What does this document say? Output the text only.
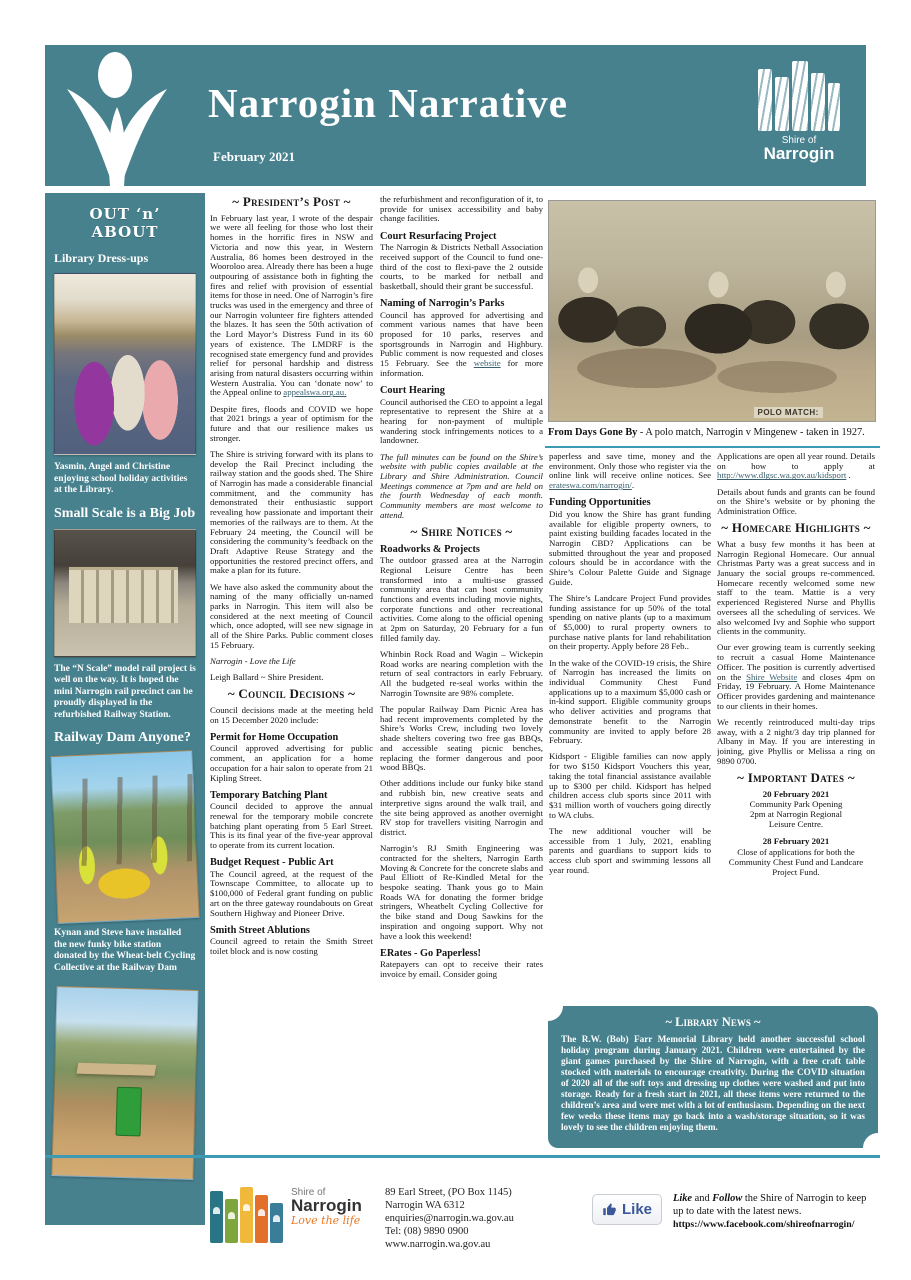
Narrogin Narrative
February 2021
Shire of
Narrogin
OUT ‘n’ ABOUT
Library Dress-ups
Yasmin, Angel and Christine enjoying school holiday activities at the Library.
Small Scale is a Big Job
The “N Scale” model rail project is well on the way. It is hoped the mini Narrogin rail precinct can be proudly displayed in the refurbished Railway Station.
Railway Dam Anyone?
Kynan and Steve have installed the new funky bike station donated by the Wheat-belt Cycling Collective at the Railway Dam
~ President’s Post ~

In February last year, I wrote of the despair we were all feeling for those who lost their homes in the horrific fires in NSW and Victoria and now this year, in Western Australia, 86 homes been destroyed in the Wooroloo area. Already there has been a huge outpouring of assistance both in fighting the fires and relief with provision of essential items for those in need. One of Narrogin’s fire trucks was used in the emergency and three of our Narrogin volunteer fire fighters attended the blazes. It has seen the 50th activation of the Lord Mayor’s Distress Fund in its 60 years of existence. The LMDRF is the recognised state emergency fund and provides relief for personal hardship and distress arising from natural disasters occurring within Western Australia. You can ‘donate now’ to the Appeal online to appealswa.org.au.

Despite fires, floods and COVID we hope that 2021 brings a year of optimism for the future and that our resilience makes us stronger.

The Shire is striving forward with its plans to develop the Rail Precinct including the railway station and the goods shed. The Shire of Narrogin has made a considerable financial commitment, and the community has demonstrated their enthusiastic support revealing how passionate and important their memories of the railways are to them. At the February 24 meeting, the Council will be considering the community’s feedback on the Draft Adaptive Reuse Strategy and the opportunities the restored precinct offers, and make a plan for its future.

We have also asked the community about the naming of the many officially un-named parks in Narrogin. This item will also be considered at the next meeting of Council which, once adopted, will see new signage in all of the Shire Parks. Public comment closes 15 February.

Narrogin - Love the Life

Leigh Ballard ~ Shire President.

~ Council Decisions ~

Council decisions made at the meeting held on 15 December 2020 include:

Permit for Home Occupation

Council approved advertising for public comment, an application for a home occupation for a hair salon to operate from 21 Kipling Street.

Temporary Batching Plant

Council decided to approve the annual renewal for the temporary mobile concrete batching plant operating from 5 Earl Street. This is its final year of the five-year approval to operate from its current location.

Budget Request - Public Art

The Council agreed, at the request of the Townscape Committee, to allocate up to $100,000 of Federal grant funding on public art on the three gateway roundabouts on Great Southern Highway and Pioneer Drive.

Smith Street Ablutions

Council agreed to retain the Smith Street toilet block and is now costing

the refurbishment and reconfiguration of it, to provide for unisex accessibility and baby change facilities.

Court Resurfacing Project

The Narrogin & Districts Netball Association received support of the Council to fund one-third of the cost to flexi-pave the 2 outside courts, to be marked for netball and basketball, should their grant be successful.

Naming of Narrogin’s Parks

Council has approved for advertising and comment various names that have been proposed for 10 parks, reserves and sportsgrounds in Narrogin and Highbury. Public comment is now requested and closes 15 February. See the website for more information.

Court Hearing

Council authorised the CEO to appoint a legal representative to represent the Shire at a hearing for non-payment of multiple wandering stock infringements notices to a landowner.

The full minutes can be found on the Shire’s website with public copies available at the Library and Shire Administration. Council Meetings commence at 7pm and are held on the fourth Wednesday of each month. Community members are most welcome to attend.

~ Shire Notices ~
Roadworks & Projects

The outdoor grassed area at the Narrogin Regional Leisure Centre has been transformed into a multi-use grassed community area that can host community functions and events including movie nights, corporate functions and other recreational activities. Come along to the official opening at 2pm on Saturday, 20 February for a fun filled family day.

Whinbin Rock Road and Wagin – Wickepin Road works are nearing completion with the return of seal contractors in early February. All the budgeted re-seal works within the Narrogin Townsite are 98% complete.

The popular Railway Dam Picnic Area has had recent improvements completed by the Shire’s Works Crew, including two lovely shade shelters covering two free gas BBQs, and accessible seating picnic benches, replacing the former dangerous and poor wood BBQs.

Other additions include our funky bike stand and rubbish bin, new creative seats and interpretive signs around the walk trail, and the site being approved as another overnight RV stop for travellers visiting Narrogin and district.

Narrogin’s RJ Smith Engineering was contracted for the shelters, Narrogin Earth Moving & Concrete for the concrete slabs and Paul Elliott of Re-Kindled Metal for the bespoke seating. Thank yous go to Main Roads WA for donating the former bridge stringers, Wheatbelt Cycling Collective for the bike stand and Doug Sawkins for the inspiration and ongoing support. Why not have a look this weekend!

ERates - Go Paperless!

Ratepayers can opt to receive their rates invoice by email. Consider going

POLO MATCH:
From Days Gone By - A polo match, Narrogin v Mingenew - taken in 1927.

paperless and save time, money and the environment. Only those who register via the online link will receive online notices. See erateswa.com/narrogin/.

Funding Opportunities

Did you know the Shire has grant funding available for eligible property owners, to paint existing building facades located in the Narrogin CBD? Applications can be submitted throughout the year and proposed colours should be in accordance with the Shire’s Colour Palette Guide and Signage Guide.

The Shire’s Landcare Project Fund provides funding assistance for up 50% of the total spending on native plants (up to a maximum of $5,000) to rural property owners to purchase native plants for land rehabilitation on their property. Apply before 28 Feb..

In the wake of the COVID-19 crisis, the Shire of Narrogin has increased the limits on individual Community Chest Fund applications up to a maximum $5,000 cash or in-kind support. Eligible community groups who deliver activities and programs that demonstrate benefit to the Narrogin community are invited to apply before 28 February.

Kidsport - Eligible families can now apply for two $150 Kidsport Vouchers this year, taking the total financial assistance available up to $300 per child. Kidsport has helped children access club sports since 2011 with $31 million worth of vouchers going directly to WA clubs.

The new additional voucher will be accessible from 1 July, 2021, enabling parents and guardians to support kids to access club sport and swimming lessons all year round.

Applications are open all year round. Details on how to apply at http://www.dlgsc.wa.gov.au/kidsport .

Details about funds and grants can be found on the Shire’s website or by phoning the Administration Office.

~ Homecare Highlights ~

What a busy few months it has been at Narrogin Regional Homecare. Our annual Christmas Party was a great success and in January the social groups re-commenced. Homecare recently welcomed some new staff to the team. Mattie is a very experienced Registered Nurse and Phyllis oversees all the scheduling of services. We also welcomed Ivy and Sophie who support clients in the community.

Our ever growing team is currently seeking to recruit a casual Home Maintenance Officer. The position is currently advertised on the Shire Website and closes 4pm on Friday, 19 February. A Home Maintenance Officer provides gardening and maintenance to our clients in their homes.

We recently reintroduced multi-day trips away, with a 2 night/3 day trip planned for Albany in May. If you are interesting in joining, give Phyllis or Melissa a ring on 9890 0700.

~ Important Dates ~
20 February 2021
Community Park Opening
2pm at Narrogin Regional

Leisure Centre.

28 February 2021

Close of applications for both the Community Chest Fund and Landcare Project Fund.

~ Library News ~
The R.W. (Bob) Farr Memorial Library held another successful school holiday program during January 2021. Children were entertained by the giant games purchased by the Shire of Narrogin, with a free craft table stocked with materials to encourage creativity. During the COVID situation of 2020 all of the soft toys and dressing up clothes were washed and put into storage. Ready for a fresh start in 2021, all these items were returned to the children’s area and were met with a lot of enthusiasm. Depending on the next few weeks these items may go back into a wash/storage situation, so it was lovely to see the children enjoying them.
Shire of
Narrogin
Love the life
89 Earl Street, (PO Box 1145)
Narrogin WA 6312
enquiries@narrogin.wa.gov.au
Tel: (08) 9890 0900
www.narrogin.wa.gov.au
Like
Like and Follow the Shire of Narrogin to keep up to date with the latest news.
https://www.facebook.com/shireofnarrogin/
